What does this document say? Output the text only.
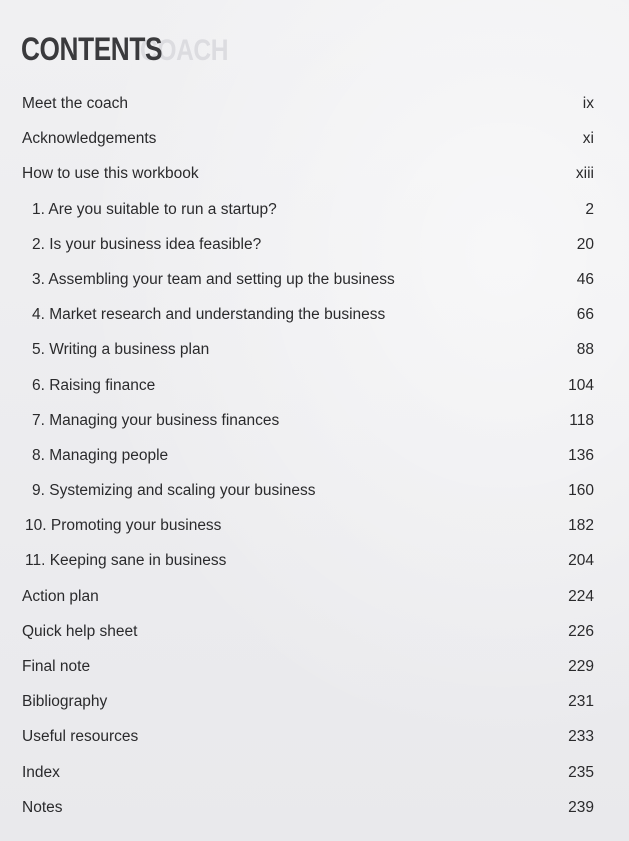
COACH
CONTENTS
Meet the coach	ix
Acknowledgements	xi
How to use this workbook	xiii
1. Are you suitable to run a startup?	2
2. Is your business idea feasible?	20
3. Assembling your team and setting up the business	46
4. Market research and understanding the business	66
5. Writing a business plan	88
6. Raising finance	104
7. Managing your business finances	118
8. Managing people	136
9. Systemizing and scaling your business	160
10. Promoting your business	182
11. Keeping sane in business	204
Action plan	224
Quick help sheet	226
Final note	229
Bibliography	231
Useful resources	233
Index	235
Notes	239
